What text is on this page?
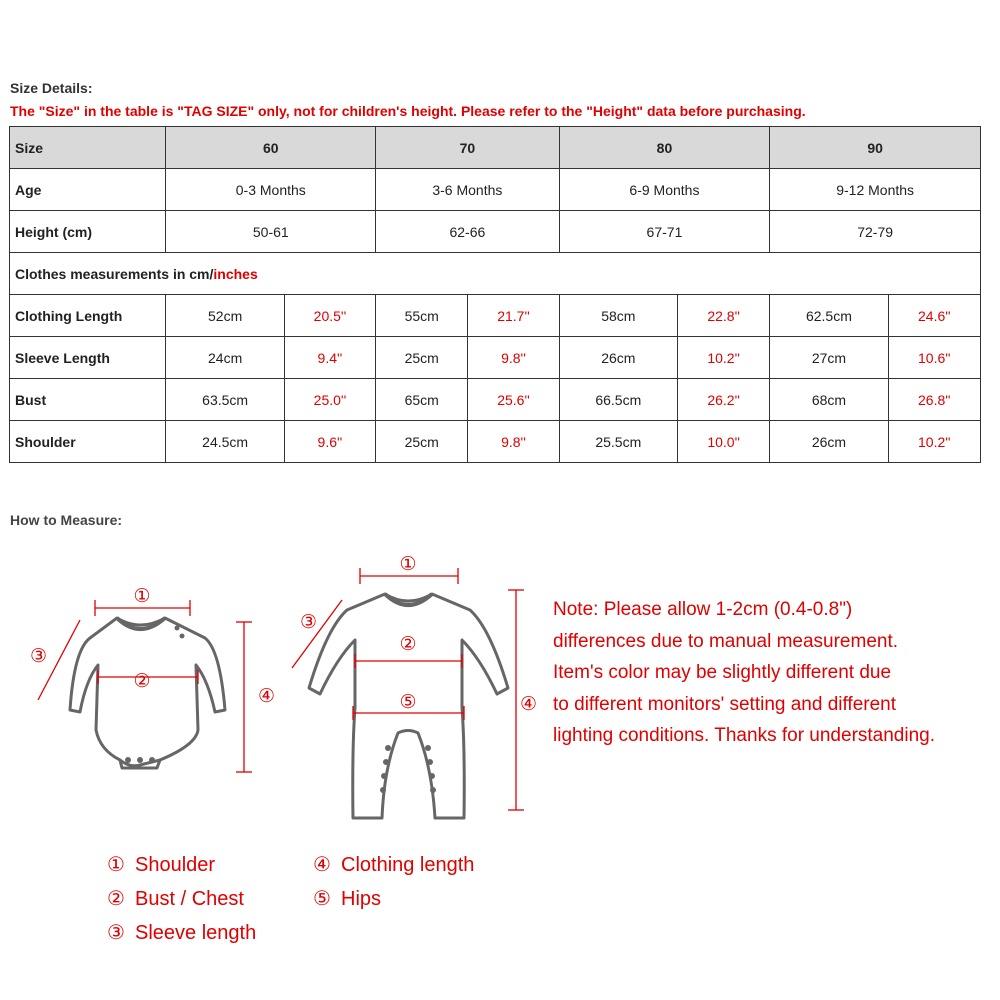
Size Details:
The "Size" in the table is "TAG SIZE" only, not for children's height. Please refer to the "Height" data before purchasing.
Size	60		70		80		90	
Age	0-3 Months		3-6 Months		6-9 Months		9-12 Months	
Height (cm)	50-61		62-66		67-71		72-79	
Clothes measurements in cm/inches								
Clothing Length	52cm	20.5''	55cm	21.7''	58cm	22.8''	62.5cm	24.6''
Sleeve Length	24cm	9.4''	25cm	9.8''	26cm	10.2''	27cm	10.6''
Bust	63.5cm	25.0''	65cm	25.6''	66.5cm	26.2''	68cm	26.8''
Shoulder	24.5cm	9.6''	25cm	9.8''	25.5cm	10.0''	26cm	10.2''
How to Measure:
①
②
③
④
①
②
⑤
③
④
Note: Please allow 1-2cm (0.4-0.8")
differences due to manual measurement.
Item's color may be slightly different due
to different monitors' setting and different
lighting conditions. Thanks for understanding.
① Shoulder
② Bust / Chest
③ Sleeve length
④ Clothing length
⑤ Hips
